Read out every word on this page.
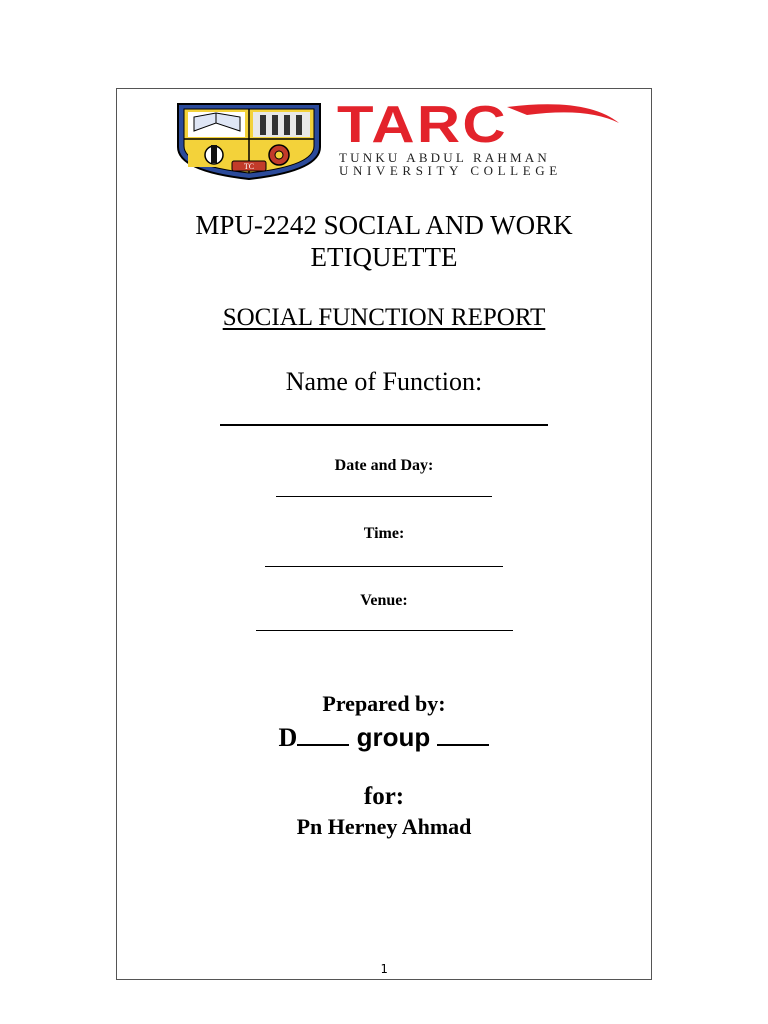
TC
TARC
TUNKU ABDUL RAHMAN
UNIVERSITY COLLEGE
MPU-2242 SOCIAL AND WORK
ETIQUETTE
SOCIAL FUNCTION REPORT
Name of Function:
Date and Day:
Time:
Venue:
Prepared by:
D group
for:
Pn Herney Ahmad
1
